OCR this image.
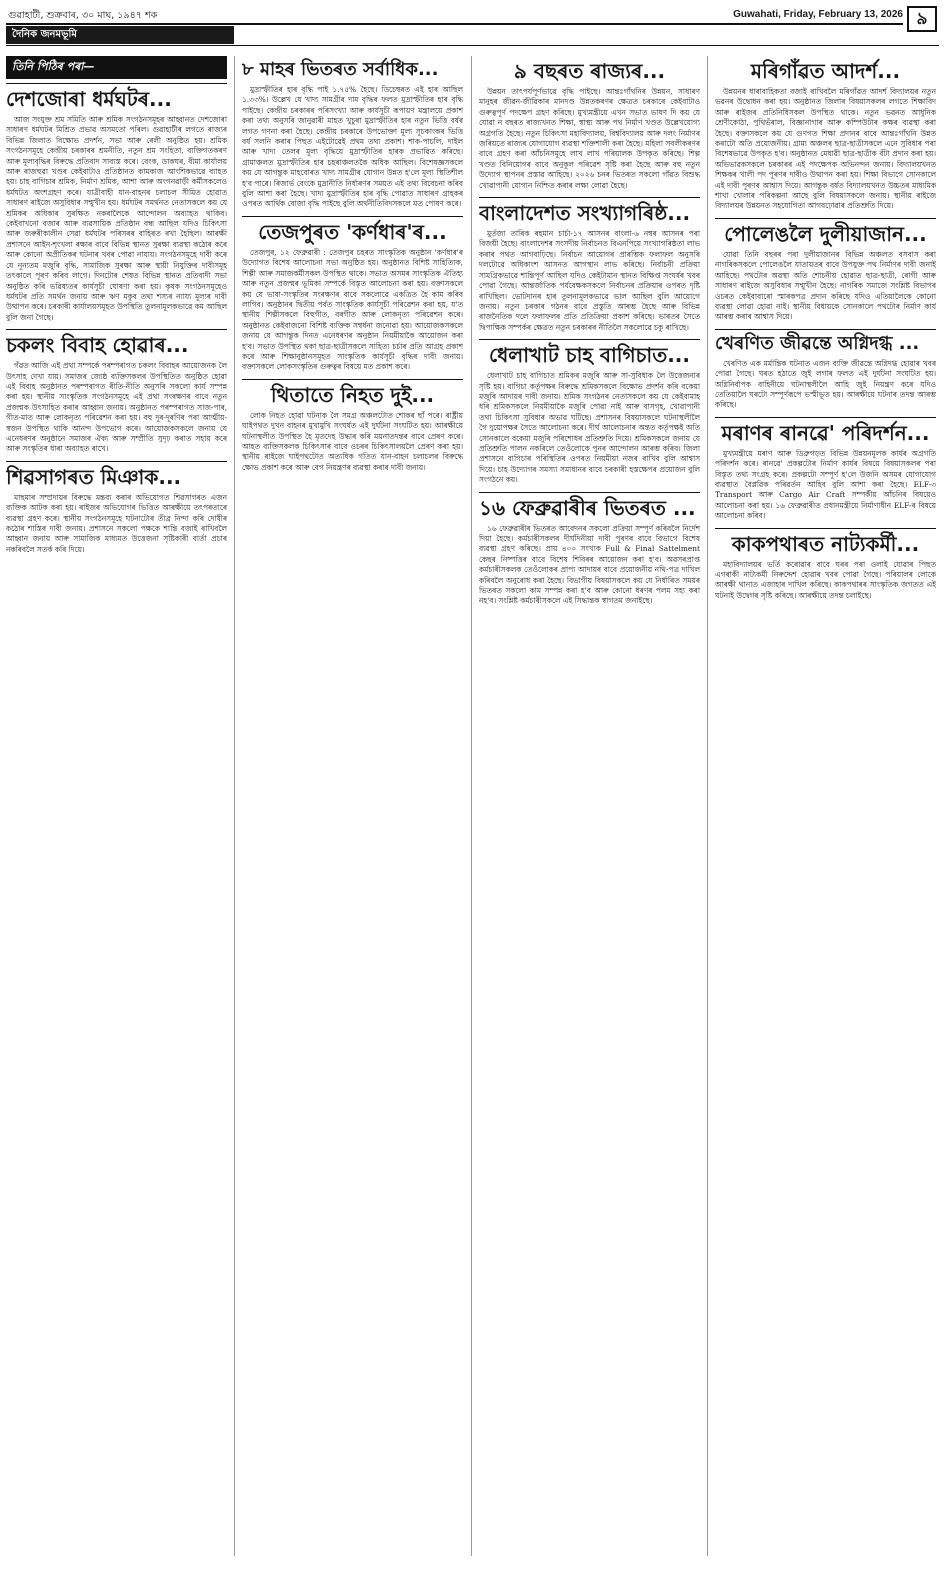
গুৱাহাটী, শুক্ৰবাৰ, ৩০ মাঘ, ১৯৪৭ শক	Guwahati, Friday, February 13, 2026 ৯
দৈনিক জনমভূমি
তিনি পিঠিৰ পৰা—
দেশজোৰা ধৰ্মঘটৰ...

আজ সংযুক্ত শ্ৰম সমিতি আৰু শ্ৰমিক সংগঠনসমূহৰ আহ্বানত দেশজোৰা সাধাৰণ ধৰ্মঘটৰ মিশ্ৰিত প্ৰভাৱ অসমতো পৰিল। গুৱাহাটীৰ লগতে ৰাজ্যৰ বিভিন্ন জিলাত বিক্ষোভ প্ৰদৰ্শন, সভা আৰু ৰেলী অনুষ্ঠিত হয়। শ্ৰমিক সংগঠনসমূহে কেন্দ্ৰীয় চৰকাৰৰ শ্ৰমনীতি, নতুন শ্ৰম সংহিতা, ব্যক্তিগতকৰণ আৰু মূল্যবৃদ্ধিৰ বিৰুদ্ধে প্ৰতিবাদ সাব্যস্ত কৰে। বেংক, ডাকঘৰ, বীমা কাৰ্যালয় আৰু ৰাজহুৱা খণ্ডৰ কেইবাটাও প্ৰতিষ্ঠানত কামকাজ আংশিকভাৱে ব্যাহত হয়। চাহ বাগিচাৰ শ্ৰমিক, নিৰ্মাণ শ্ৰমিক, আশা আৰু অংগনৱাড়ী কৰ্মীসকলেও ধৰ্মঘটত অংশগ্ৰহণ কৰে। যাত্ৰীবাহী যান-বাহনৰ চলাচল সীমিত হোৱাত সাধাৰণ ৰাইজে অসুবিধাৰ সন্মুখীন হয়। ধৰ্মঘটৰ সমৰ্থনত নেতাসকলে কয় যে শ্ৰমিকৰ অধিকাৰ সুৰক্ষিত নকৰালৈকে আন্দোলন অব্যাহত থাকিব। কেইবাখনো বজাৰ আৰু ব্যৱসায়িক প্ৰতিষ্ঠান বন্ধ আছিল যদিও চিকিৎসা আৰু জৰুৰীকালীন সেৱা ধৰ্মঘটৰ পৰিসৰৰ বাহিৰত ৰখা হৈছিল। আৰক্ষী প্ৰশাসনে আইন-শৃংখলা ৰক্ষাৰ বাবে বিভিন্ন স্থানত সুৰক্ষা ব্যৱস্থা কঠোৰ কৰে আৰু কোনো অপ্ৰীতিকৰ ঘটনাৰ খবৰ পোৱা নাযায়। সংগঠনসমূহে দাবী কৰে যে নূন্যতম মজুৰি বৃদ্ধি, সামাজিক সুৰক্ষা আৰু স্থায়ী নিযুক্তিৰ দাবীসমূহ তৎকালে পূৰণ কৰিব লাগে। দিনটোৰ শেষত বিভিন্ন স্থানত প্ৰতিবাদী সভা অনুষ্ঠিত কৰি ভৱিষ্যতৰ কাৰ্যসূচী ঘোষণা কৰা হয়। কৃষক সংগঠনসমূহেও ধৰ্মঘটৰ প্ৰতি সমৰ্থন জনায় আৰু ঋণ মকুব তথা শস্যৰ ন্যায্য মূল্যৰ দাবী উত্থাপন কৰে। চৰকাৰী কাৰ্যালয়সমূহত উপস্থিতি তুলনামূলকভাৱে কম আছিল বুলি জনা গৈছে।

চকলং বিবাহ হোৱাৰ...

গঁৱত আজি এই প্ৰথা সম্পৰ্কে পৰম্পৰাগত চকলং বিবাহৰ আয়োজনক লৈ উৎসাহ দেখা যায়। সমাজৰ জ্যেষ্ঠ ব্যক্তিসকলৰ উপস্থিতিত অনুষ্ঠিত হোৱা এই বিবাহ অনুষ্ঠানত পৰম্পৰাগত ৰীতি-নীতি অনুসৰি সকলো কাৰ্য সম্পন্ন কৰা হয়। স্থানীয় সাংস্কৃতিক সংগঠনসমূহে এই প্ৰথা সংৰক্ষণৰ বাবে নতুন প্ৰজন্মক উৎসাহিত কৰাৰ আহ্বান জনায়। অনুষ্ঠানত পৰম্পৰাগত সাজ-পাৰ, গীত-মাত আৰু লোকনৃত্য পৰিৱেশন কৰা হয়। বহু দূৰ-দূৰণিৰ পৰা আত্মীয়-স্বজন উপস্থিত থাকি আনন্দ উপভোগ কৰে। আয়োজকসকলে জনায় যে এনেধৰণৰ অনুষ্ঠানে সমাজৰ ঐক্য আৰু সম্প্ৰীতি সুদৃঢ় কৰাত সহায় কৰে আৰু সংস্কৃতিৰ ধাৰা অব্যাহত ৰাখে।

শিৱসাগৰত মিঞাক...

মাছমাৰ সম্প্ৰদায়ৰ বিৰুদ্ধে মন্তব্য কৰাৰ অভিযোগত শিৱসাগৰত এজন ব্যক্তিক আটক কৰা হয়। ৰাইজৰ অভিযোগৰ ভিত্তিত আৰক্ষীয়ে তৎপৰতাৰে ব্যৱস্থা গ্ৰহণ কৰে। স্থানীয় সংগঠনসমূহে ঘটনাটোৰ তীব্ৰ নিন্দা কৰি দোষীৰ কঠোৰ শাস্তিৰ দাবী জনায়। প্ৰশাসনে সকলো পক্ষকে শান্তি বজাই ৰাখিবলৈ আহ্বান জনায় আৰু সামাজিক মাধ্যমত উত্তেজনা সৃষ্টিকাৰী বাৰ্তা প্ৰচাৰ নকৰিবলৈ সতৰ্ক কৰি দিয়ে।

৮ মাহৰ ভিতৰত সৰ্বাধিক...

মুদ্ৰাস্ফীতিৰ হাৰ বৃদ্ধি পাই ১.৭৫% হৈছে। ডিচেম্বৰত এই হাৰ আছিল ১.৩৩%। উল্লেখ যে খাদ্য সামগ্ৰীৰ দাম বৃদ্ধিৰ ফলত মুদ্ৰাস্ফীতিৰ হাৰ বৃদ্ধি পাইছে। কেন্দ্ৰীয় চৰকাৰৰ পৰিসংখ্যা আৰু কাৰ্যসূচী ৰূপায়ণ মন্ত্ৰালয়ে প্ৰকাশ কৰা তথ্য অনুসৰি জানুৱাৰী মাহত খুচুৰা মুদ্ৰাস্ফীতিৰ হাৰ নতুন ভিত্তি বৰ্ষৰ লগত গণনা কৰা হৈছে। কেন্দ্ৰীয় চৰকাৰে উপভোক্তা মূল্য সূচকাংকৰ ভিত্তি বৰ্ষ সলনি কৰাৰ পিছত এইটোৱেই প্ৰথম তথ্য প্ৰকাশ। শাক-পাচলি, দাইল আৰু খাদ্য তেলৰ মূল্য বৃদ্ধিয়ে মুদ্ৰাস্ফীতিৰ হাৰক প্ৰভাৱিত কৰিছে। গ্ৰামাঞ্চলত মুদ্ৰাস্ফীতিৰ হাৰ চহৰাঞ্চলতকৈ অধিক আছিল। বিশেষজ্ঞসকলে কয় যে আগন্তুক মাহবোৰত খাদ্য সামগ্ৰীৰ যোগান উন্নত হ'লে মূল্য স্থিতিশীল হ'ব পাৰে। ৰিজাৰ্ভ বেংকে মুদ্ৰানীতি নিৰ্ধাৰণৰ সময়ত এই তথ্য বিবেচনা কৰিব বুলি আশা কৰা হৈছে। খাদ্য মুদ্ৰাস্ফীতিৰ হাৰ বৃদ্ধি পোৱাত সাধাৰণ গ্ৰাহকৰ ওপৰত আৰ্থিক বোজা বৃদ্ধি পাইছে বুলি অৰ্থনীতিবিদসকলে মত পোষণ কৰে।

তেজপুৰত 'কৰ্ণধাৰ'ৰ...

তেজপুৰ, ১২ ফেব্ৰুৱাৰী : তেজপুৰ চহৰত সাংস্কৃতিক অনুষ্ঠান 'কৰ্ণধাৰ'ৰ উদ্যোগত বিশেষ আলোচনা সভা অনুষ্ঠিত হয়। অনুষ্ঠানত বিশিষ্ট সাহিত্যিক, শিল্পী আৰু সমাজকৰ্মীসকল উপস্থিত থাকে। সভাত অসমৰ সাংস্কৃতিক ঐতিহ্য আৰু নতুন প্ৰজন্মৰ ভূমিকা সম্পৰ্কে বিস্তৃত আলোচনা কৰা হয়। বক্তাসকলে কয় যে ভাষা-সংস্কৃতিৰ সংৰক্ষণৰ বাবে সকলোৱে একত্ৰিত হৈ কাম কৰিব লাগিব। অনুষ্ঠানৰ দ্বিতীয় পৰ্বত সাংস্কৃতিক কাৰ্যসূচী পৰিৱেশন কৰা হয়, য'ত স্থানীয় শিল্পীসকলে বিহুগীত, বৰগীত আৰু লোকনৃত্য পৰিৱেশন কৰে। অনুষ্ঠানত কেইবাজনো বিশিষ্ট ব্যক্তিক সম্বৰ্ধনা জনোৱা হয়। আয়োজকসকলে জনায় যে আগন্তুক দিনত এনেধৰণৰ অনুষ্ঠান নিয়মীয়াকৈ আয়োজন কৰা হ'ব। সভাত উপস্থিত থকা ছাত্ৰ-ছাত্ৰীসকলে সাহিত্য চৰ্চাৰ প্ৰতি আগ্ৰহ প্ৰকাশ কৰে আৰু শিক্ষানুষ্ঠানসমূহত সাংস্কৃতিক কাৰ্যসূচী বৃদ্ধিৰ দাবী জনায়। বক্তাসকলে লোকসংস্কৃতিৰ গুৰুত্বৰ বিষয়ে মত প্ৰকাশ কৰে।

থিতাতে নিহত দুই...

লোক নিহত হোৱা ঘটনাক লৈ সমগ্ৰ অঞ্চলটোত শোকৰ ছাঁ পৰে। ৰাষ্ট্ৰীয় ঘাইপথত দুখন বাহনৰ মুখামুখি সংঘৰ্ষত এই দুৰ্ঘটনা সংঘটিত হয়। আৰক্ষীয়ে ঘটনাস্থলীত উপস্থিত হৈ মৃতদেহ উদ্ধাৰ কৰি ময়নাতদন্তৰ বাবে প্ৰেৰণ কৰে। আহত ব্যক্তিসকলক চিকিৎসাৰ বাবে ওচৰৰ চিকিৎসালয়লৈ প্ৰেৰণ কৰা হয়। স্থানীয় ৰাইজে ঘাইপথটোত অত্যধিক গতিত যান-বাহন চলাচলৰ বিৰুদ্ধে ক্ষোভ প্ৰকাশ কৰে আৰু বেগ নিয়ন্ত্ৰণৰ ব্যৱস্থা কৰাৰ দাবী জনায়।

৯ বছৰত ৰাজ্যৰ...

উন্নয়ন তাৎপৰ্যপূৰ্ণভাৱে বৃদ্ধি পাইছে। আন্তঃগাঁথনিৰ উন্নয়ন, সাধাৰণ মানুহৰ জীৱন-জীৱিকাৰ মানদণ্ড উন্নতকৰণৰ ক্ষেত্ৰত চৰকাৰে কেইবাটাও গুৰুত্বপূৰ্ণ পদক্ষেপ গ্ৰহণ কৰিছে। মুখ্যমন্ত্ৰীয়ে এখন সভাত ভাষণ দি কয় যে যোৱা ন বছৰত ৰাজ্যখনত শিক্ষা, স্বাস্থ্য আৰু পথ নিৰ্মাণ খণ্ডত উল্লেখযোগ্য অগ্ৰগতি হৈছে। নতুন চিকিৎসা মহাবিদ্যালয়, বিশ্ববিদ্যালয় আৰু দলং নিৰ্মাণৰ জৰিয়তে ৰাজ্যৰ যোগাযোগ ব্যৱস্থা শক্তিশালী কৰা হৈছে। মহিলা সবলীকৰণৰ বাবে গ্ৰহণ কৰা আঁচনিসমূহে লাখ লাখ পৰিয়ালক উপকৃত কৰিছে। শিল্প খণ্ডত বিনিয়োগৰ বাবে অনুকূল পৰিৱেশ সৃষ্টি কৰা হৈছে আৰু বহু নতুন উদ্যোগ স্থাপনৰ প্ৰস্তাৱ আহিছে। ২০২৬ চনৰ ভিতৰত সকলো গাঁৱত বিশুদ্ধ খোৱাপানী যোগান নিশ্চিত কৰাৰ লক্ষ্য লোৱা হৈছে।

বাংলাদেশত সংখ্যাগৰিষ্ঠ...

মুৰ্তজা তাৰিক ৰহমান চাৰ্চা-১৭ আসনৰ বাংলা-৬ নম্বৰ আসনৰ পৰা বিজয়ী হৈছে। বাংলাদেশৰ সংসদীয় নিৰ্বাচনত বিএনপিয়ে সংখ্যাগৰিষ্ঠতা লাভ কৰাৰ পথত আগবাঢ়িছে। নিৰ্বাচন আয়োগৰ প্ৰাৰম্ভিক ফলাফল অনুসৰি দলটোৱে অধিকাংশ আসনত আগস্থান লাভ কৰিছে। নিৰ্বাচনী প্ৰক্ৰিয়া সামগ্ৰিকভাৱে শান্তিপূৰ্ণ আছিল যদিও কেইটামান স্থানত বিক্ষিপ্ত সংঘৰ্ষৰ খবৰ পোৱা গৈছে। আন্তৰ্জাতিক পৰ্যবেক্ষকসকলে নিৰ্বাচনৰ প্ৰক্ৰিয়াৰ ওপৰত দৃষ্টি ৰাখিছিল। ভোটদানৰ হাৰ তুলনামূলকভাৱে ভাল আছিল বুলি আয়োগে জনায়। নতুন চৰকাৰ গঠনৰ বাবে প্ৰস্তুতি আৰম্ভ হৈছে আৰু বিভিন্ন ৰাজনৈতিক দলে ফলাফলৰ প্ৰতি প্ৰতিক্ৰিয়া প্ৰকাশ কৰিছে। ভাৰতৰ সৈতে দ্বিপাক্ষিক সম্পৰ্কৰ ক্ষেত্ৰত নতুন চৰকাৰৰ নীতিলৈ সকলোৱে চকু ৰাখিছে।

ধেলাখাট চাহ বাগিচাত...

ধেলাখাট চাহ বাগিচাত শ্ৰমিকৰ মজুৰি আৰু সা-সুবিধাক লৈ উত্তেজনাৰ সৃষ্টি হয়। বাগিচা কৰ্তৃপক্ষৰ বিৰুদ্ধে শ্ৰমিকসকলে বিক্ষোভ প্ৰদৰ্শন কৰি বকেয়া মজুৰি আদায়ৰ দাবী জনায়। শ্ৰমিক সংগঠনৰ নেতাসকলে কয় যে কেইবামাহ ধৰি শ্ৰমিকসকলে নিয়মীয়াকৈ মজুৰি পোৱা নাই আৰু বাসগৃহ, খোৱাপানী তথা চিকিৎসা সুবিধাৰ অভাৱ ঘটিছে। প্ৰশাসনৰ বিষয়াসকলে ঘটনাস্থলীলৈ গৈ দুয়োপক্ষৰ সৈতে আলোচনা কৰে। দীৰ্ঘ আলোচনাৰ অন্তত কৰ্তৃপক্ষই অতি সোনকালে বকেয়া মজুৰি পৰিশোধৰ প্ৰতিশ্ৰুতি দিয়ে। শ্ৰমিকসকলে জনায় যে প্ৰতিশ্ৰুতি পালন নকৰিলে তেওঁলোকে পুনৰ আন্দোলন আৰম্ভ কৰিব। জিলা প্ৰশাসনে বাগিচাৰ পৰিস্থিতিৰ ওপৰত নিয়মীয়া নজৰ ৰাখিব বুলি আশ্বাস দিয়ে। চাহ উদ্যোগৰ সমস্যা সমাধানৰ বাবে চৰকাৰী হস্তক্ষেপৰ প্ৰয়োজন বুলি সংগঠনে কয়।

১৬ ফেব্ৰুৱাৰীৰ ভিতৰত ...

১৬ ফেব্ৰুৱাৰীৰ ভিতৰত আবেদনৰ সকলো প্ৰক্ৰিয়া সম্পূৰ্ণ কৰিবলৈ নিৰ্দেশ দিয়া হৈছে। কৰ্মচাৰীসকলৰ দীৰ্ঘদিনীয়া দাবী পূৰণৰ বাবে বিভাগে বিশেষ ব্যৱস্থা গ্ৰহণ কৰিছে। প্ৰায় ৪০০ সংখ্যক Full & Final Sattelment কেছৰ নিষ্পত্তিৰ বাবে বিশেষ শিবিৰৰ আয়োজন কৰা হ'ব। অৱসৰপ্ৰাপ্ত কৰ্মচাৰীসকলক তেওঁলোকৰ প্ৰাপ্য আদায়ৰ বাবে প্ৰয়োজনীয় নথি-পত্ৰ দাখিল কৰিবলৈ অনুৰোধ কৰা হৈছে। বিভাগীয় বিষয়াসকলে কয় যে নিৰ্ধাৰিত সময়ৰ ভিতৰত সকলো কাম সম্পন্ন কৰা হ'ব আৰু কোনো ধৰণৰ পলম সহ্য কৰা নহ'ব। সংশ্লিষ্ট কৰ্মচাৰীসকলে এই সিদ্ধান্তক স্বাগতম জনাইছে।

মৰিগাঁৱত আদৰ্শ...

উন্নয়নৰ ধাৰাবাহিকতা বজাই ৰাখিবলৈ মৰিগাঁৱত আদৰ্শ বিদ্যালয়ৰ নতুন ভৱনৰ উদ্বোধন কৰা হয়। অনুষ্ঠানত জিলাৰ বিষয়াসকলৰ লগতে শিক্ষাবিদ আৰু ৰাইজৰ প্ৰতিনিধিসকল উপস্থিত থাকে। নতুন ভৱনত আধুনিক শ্ৰেণীকোঠা, পুথিভঁৰাল, বিজ্ঞানাগাৰ আৰু কম্পিউটাৰ কক্ষৰ ব্যৱস্থা কৰা হৈছে। বক্তাসকলে কয় যে গুণগত শিক্ষা প্ৰদানৰ বাবে আন্তঃগাঁথনি উন্নত কৰাটো অতি প্ৰয়োজনীয়। গ্ৰাম্য অঞ্চলৰ ছাত্ৰ-ছাত্ৰীসকলে এনে সুবিধাৰ পৰা বিশেষভাৱে উপকৃত হ'ব। অনুষ্ঠানত মেধাৱী ছাত্ৰ-ছাত্ৰীক বঁটা প্ৰদান কৰা হয়। অভিভাৱকসকলে চৰকাৰৰ এই পদক্ষেপক অভিনন্দন জনায়। বিদ্যালয়খনত শিক্ষকৰ খালী পদ পূৰণৰ দাবীও উত্থাপন কৰা হয়। শিক্ষা বিভাগে সোনকালে এই দাবী পূৰণৰ আশ্বাস দিয়ে। আগন্তুক বৰ্ষত বিদ্যালয়খনত উচ্চতৰ মাধ্যমিক শাখা খোলাৰ পৰিকল্পনা আছে বুলি বিষয়াসকলে জনায়। স্থানীয় ৰাইজে বিদ্যালয়ৰ উন্নয়নত সহযোগিতা আগবঢ়োৱাৰ প্ৰতিশ্ৰুতি দিয়ে।

পোলেঙলৈ দুলীয়াজান...

যোৱা তিনি বছৰৰ পৰা দুলীয়াজানৰ বিভিন্ন অঞ্চলত বসবাস কৰা নাগৰিকসকলে পোলেঙলৈ যাতায়তৰ বাবে উপযুক্ত পথ নিৰ্মাণৰ দাবী জনাই আহিছে। পথটোৰ অৱস্থা অতি শোচনীয় হোৱাত ছাত্ৰ-ছাত্ৰী, ৰোগী আৰু সাধাৰণ ৰাইজে অসুবিধাৰ সন্মুখীন হৈছে। নাগৰিক সমাজে সংশ্লিষ্ট বিভাগৰ ওচৰত কেইবাবাৰো স্মাৰকপত্ৰ প্ৰদান কৰিছে যদিও এতিয়ালৈকে কোনো ব্যৱস্থা লোৱা হোৱা নাই। স্থানীয় বিধায়কে সোনকালে পথটোৰ নিৰ্মাণ কাৰ্য আৰম্ভ কৰাৰ আশ্বাস দিয়ে।

খেৰণিত জীৱন্তে অগ্নিদগ্ধ ...

খেৰণিত এক মৰ্মান্তিক ঘটনাত এজন ব্যক্তি জীৱন্তে অগ্নিদগ্ধ হোৱাৰ খবৰ পোৱা গৈছে। ঘৰত হঠাতে জুই লগাৰ ফলত এই দুৰ্ঘটনা সংঘটিত হয়। অগ্নিনিৰ্বাপক বাহিনীয়ে ঘটনাস্থলীলৈ আহি জুই নিয়ন্ত্ৰণ কৰে যদিও তেতিয়ালৈ ঘৰটো সম্পূৰ্ণৰূপে ভস্মীভূত হয়। আৰক্ষীয়ে ঘটনাৰ তদন্ত আৰম্ভ কৰিছে।

মৰাণৰ ৰানৱে' পৰিদৰ্শন...

মুখ্যমন্ত্ৰীয়ে মৰাণ আৰু ডিব্ৰুগড়ত বিভিন্ন উন্নয়নমূলক কাৰ্যৰ অগ্ৰগতি পৰিদৰ্শন কৰে। ৰানৱে' প্ৰকল্পটোৰ নিৰ্মাণ কাৰ্যৰ বিষয়ে বিষয়াসকলৰ পৰা বিস্তৃত তথ্য সংগ্ৰহ কৰে। প্ৰকল্পটো সম্পূৰ্ণ হ'লে উজনি অসমৰ যোগাযোগ ব্যৱস্থাত বৈপ্লৱিক পৰিৱৰ্তন আহিব বুলি আশা কৰা হৈছে। ELF-৩ Transport আৰু Cargo Air Craft সম্পৰ্কীয় আঁচনিৰ বিষয়েও আলোচনা কৰা হয়। ১৬ ফেব্ৰুৱাৰীত প্ৰধানমন্ত্ৰীয়ে নিৰ্মাণাধীন ELF-ৰ বিষয়ে আলোচনা কৰিব।

কাকপথাৰত নাট্যকৰ্মী...

মহাবিদ্যালয়ৰ ভৰ্তি কৰোৱাৰ বাবে ঘৰৰ পৰা ওলাই যোৱাৰ পিছত এগৰাকী নাট্যকৰ্মী নিৰুদ্দেশ হোৱাৰ খবৰ পোৱা গৈছে। পৰিয়ালৰ লোকে আৰক্ষী থানাত এজাহাৰ দাখিল কৰিছে। কাকপথাৰৰ সাংস্কৃতিক জগতত এই ঘটনাই উদ্বেগৰ সৃষ্টি কৰিছে। আৰক্ষীয়ে তদন্ত চলাইছে।
